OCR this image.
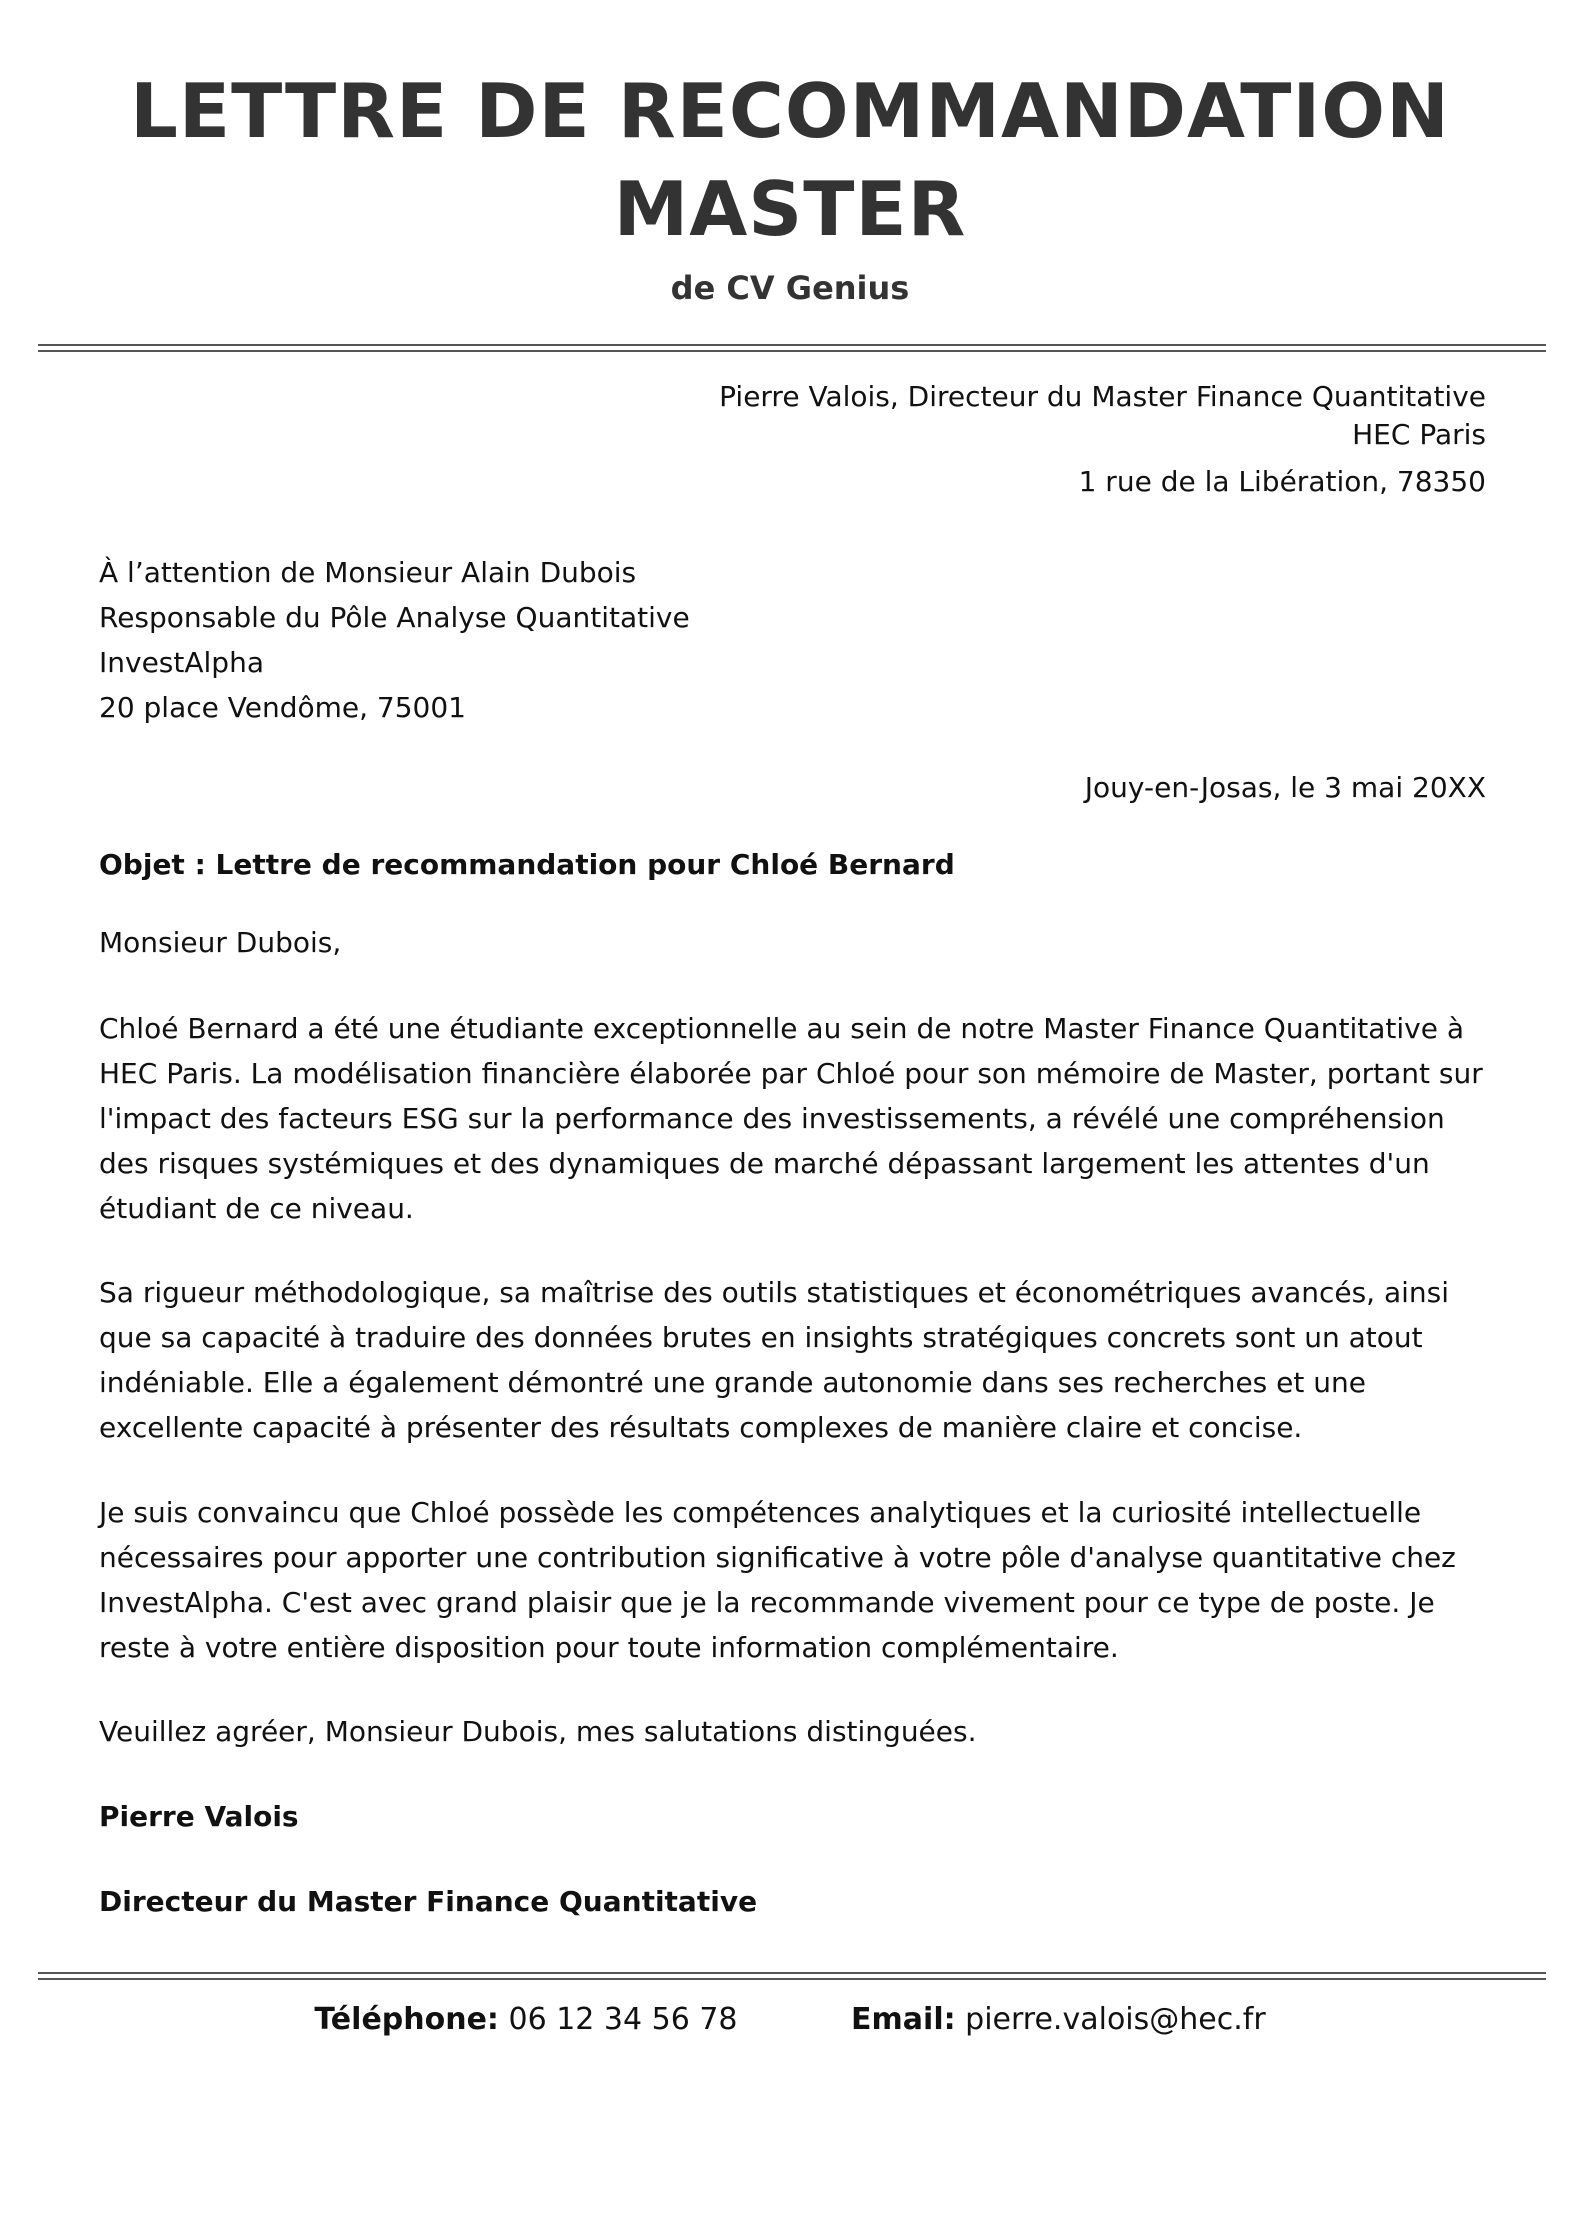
LETTRE DE RECOMMANDATION
MASTER
de CV Genius
Pierre Valois, Directeur du Master Finance Quantitative
HEC Paris
1 rue de la Libération, 78350
À l’attention de Monsieur Alain Dubois
Responsable du Pôle Analyse Quantitative
InvestAlpha
20 place Vendôme, 75001
Jouy-en-Josas, le 3 mai 20XX
Objet : Lettre de recommandation pour Chloé Bernard
Monsieur Dubois,
Chloé Bernard a été une étudiante exceptionnelle au sein de notre Master Finance Quantitative à
HEC Paris. La modélisation financière élaborée par Chloé pour son mémoire de Master, portant sur
l'impact des facteurs ESG sur la performance des investissements, a révélé une compréhension
des risques systémiques et des dynamiques de marché dépassant largement les attentes d'un
étudiant de ce niveau.
Sa rigueur méthodologique, sa maîtrise des outils statistiques et économétriques avancés, ainsi
que sa capacité à traduire des données brutes en insights stratégiques concrets sont un atout
indéniable. Elle a également démontré une grande autonomie dans ses recherches et une
excellente capacité à présenter des résultats complexes de manière claire et concise.
Je suis convaincu que Chloé possède les compétences analytiques et la curiosité intellectuelle
nécessaires pour apporter une contribution significative à votre pôle d'analyse quantitative chez
InvestAlpha. C'est avec grand plaisir que je la recommande vivement pour ce type de poste. Je
reste à votre entière disposition pour toute information complémentaire.
Veuillez agréer, Monsieur Dubois, mes salutations distinguées.
Pierre Valois
Directeur du Master Finance Quantitative
Téléphone: 06 12 34 56 78	Email: pierre.valois@hec.fr
